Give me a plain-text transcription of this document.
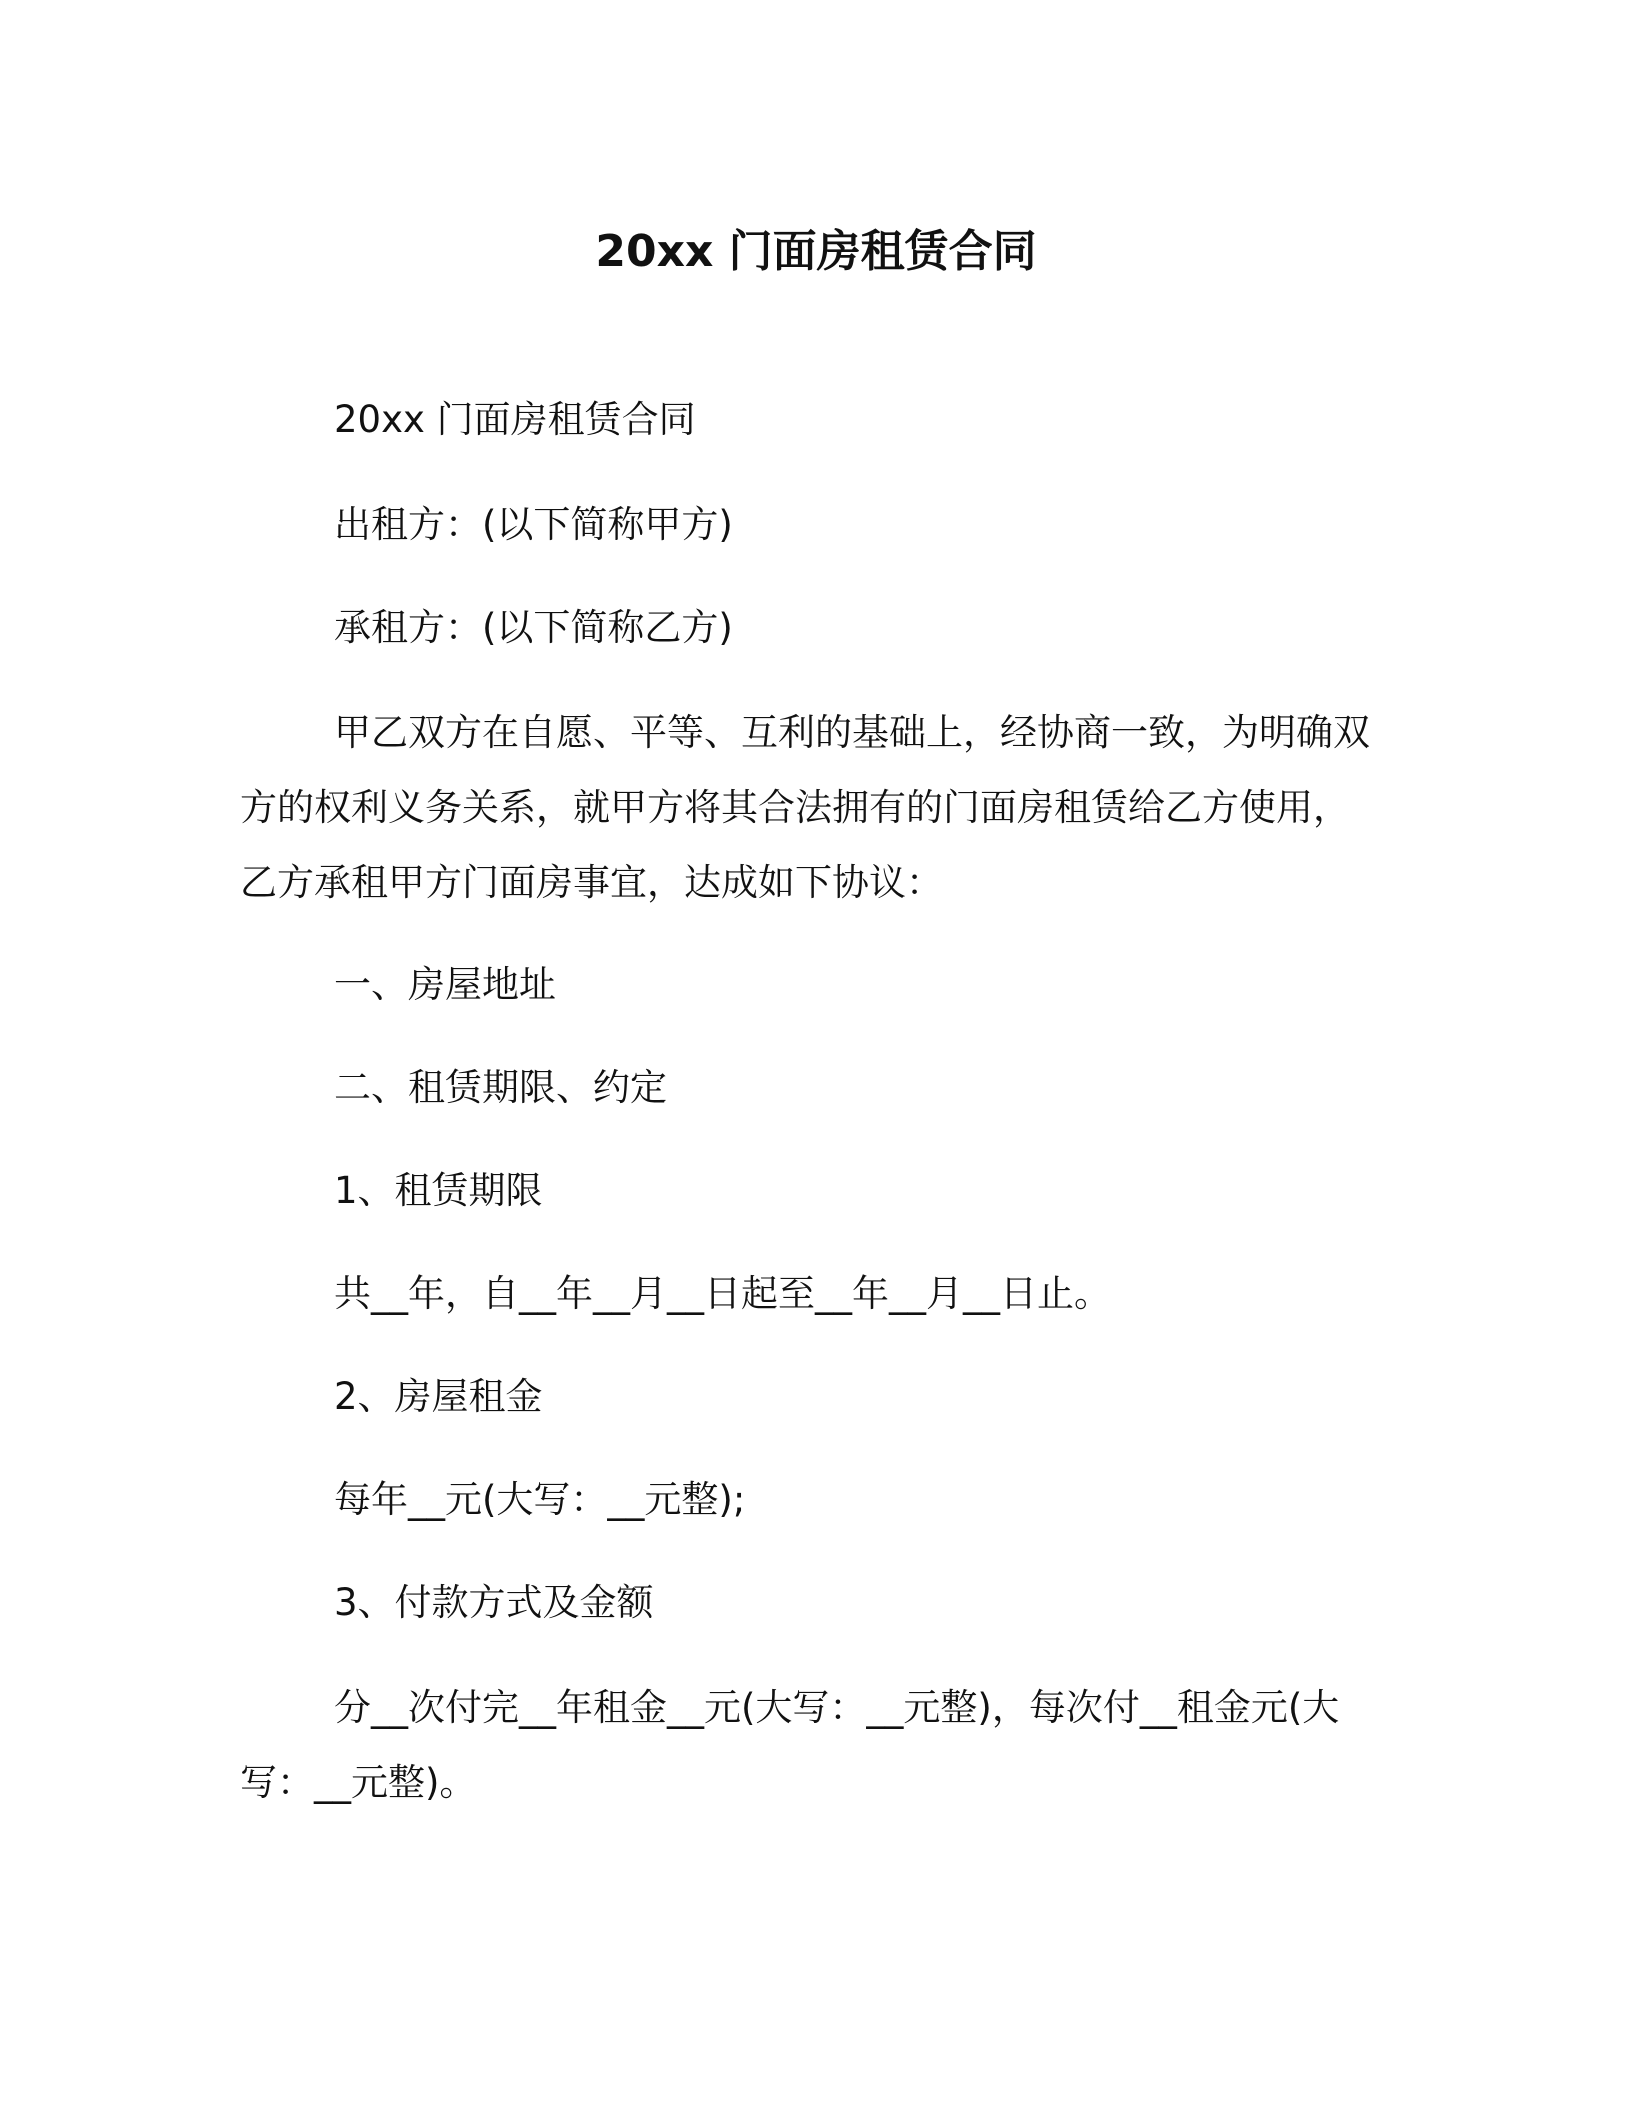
20xx 门面房租赁合同
20xx 门面房租赁合同
出租方：(以下简称甲方)
承租方：(以下简称乙方)
甲乙双方在自愿、平等、互利的基础上，经协商一致，为明确双
方的权利义务关系，就甲方将其合法拥有的门面房租赁给乙方使用，
乙方承租甲方门面房事宜，达成如下协议：
一、房屋地址
二、租赁期限、约定
1、租赁期限
共__年，自__年__月__日起至__年__月__日止。
2、房屋租金
每年__元(大写：__元整);
3、付款方式及金额
分__次付完__年租金__元(大写：__元整)，每次付__租金元(大
写：__元整)。
